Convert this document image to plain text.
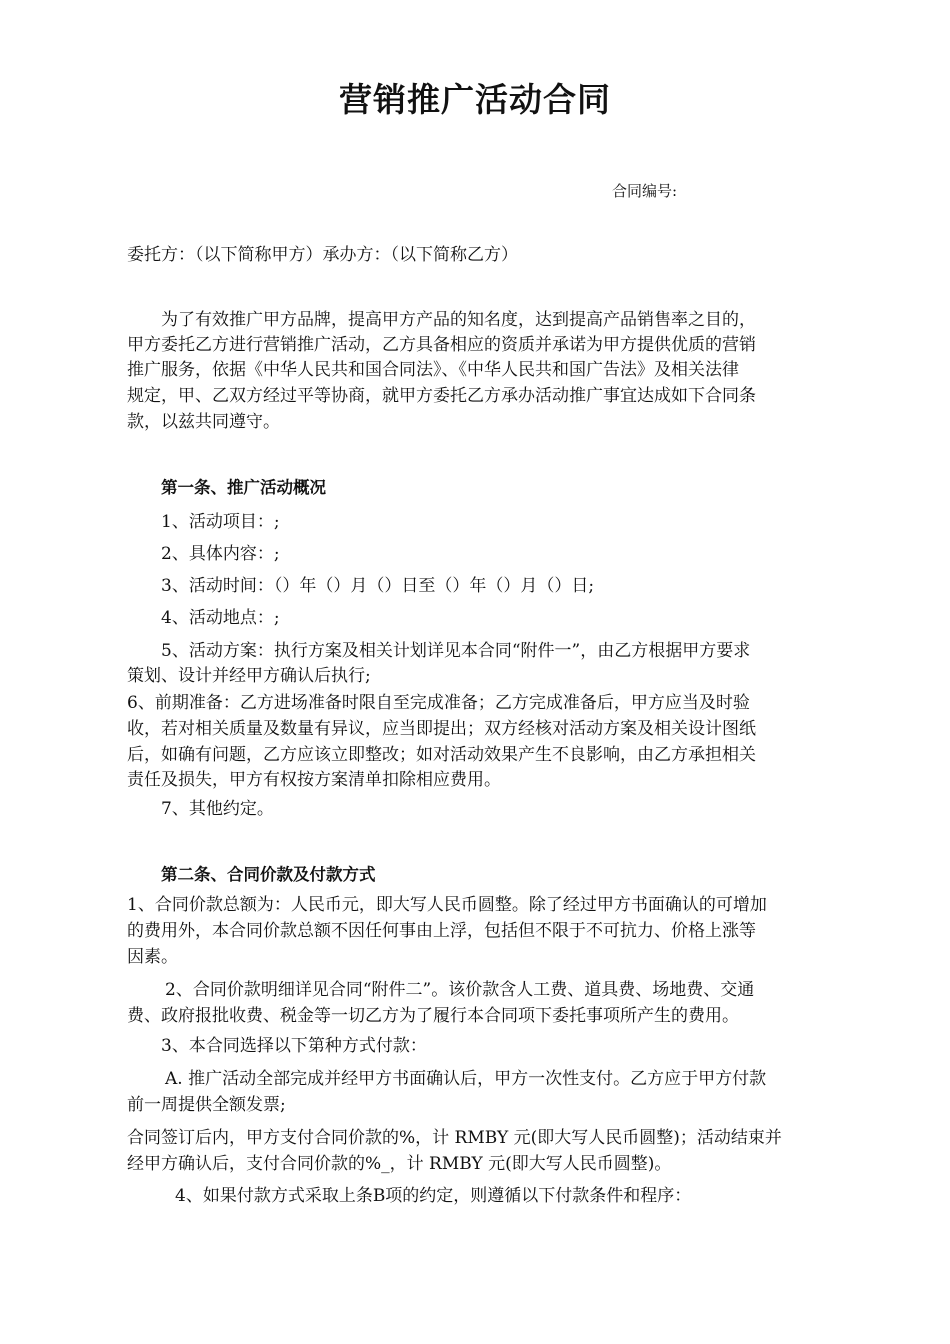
营销推广活动合同
合同编号:
委托方：（以下简称甲方）承办方：（以下简称乙方）
为了有效推广甲方品牌，提高甲方产品的知名度，达到提高产品销售率之目的，
甲方委托乙方进行营销推广活动，乙方具备相应的资质并承诺为甲方提供优质的营销
推广服务，依据《中华人民共和国合同法》、《中华人民共和国广告法》及相关法律
规定，甲、乙双方经过平等协商，就甲方委托乙方承办活动推广事宜达成如下合同条
款，以兹共同遵守。
第一条、推广活动概况
1、活动项目：;
2、具体内容：;
3、活动时间：（）年（）月（）日至（）年（）月（）日;
4、活动地点：;
5、活动方案：执行方案及相关计划详见本合同“附件一”，由乙方根据甲方要求
策划、设计并经甲方确认后执行;
6、前期准备：乙方进场准备时限自至完成准备；乙方完成准备后，甲方应当及时验
收，若对相关质量及数量有异议，应当即提出；双方经核对活动方案及相关设计图纸
后，如确有问题，乙方应该立即整改；如对活动效果产生不良影响，由乙方承担相关
责任及损失，甲方有权按方案清单扣除相应费用。
7、其他约定。
第二条、合同价款及付款方式
1、合同价款总额为：人民币元，即大写人民币圆整。除了经过甲方书面确认的可增加
的费用外，本合同价款总额不因任何事由上浮，包括但不限于不可抗力、价格上涨等
因素。
2、合同价款明细详见合同“附件二”。该价款含人工费、道具费、场地费、交通
费、政府报批收费、税金等一切乙方为了履行本合同项下委托事项所产生的费用。
3、本合同选择以下第种方式付款：
A. 推广活动全部完成并经甲方书面确认后，甲方一次性支付。乙方应于甲方付款
前一周提供全额发票;
合同签订后内，甲方支付合同价款的%，计 RMBY 元(即大写人民币圆整)；活动结束并
经甲方确认后，支付合同价款的%_，计 RMBY 元(即大写人民币圆整)。
4、如果付款方式采取上条B项的约定，则遵循以下付款条件和程序：
